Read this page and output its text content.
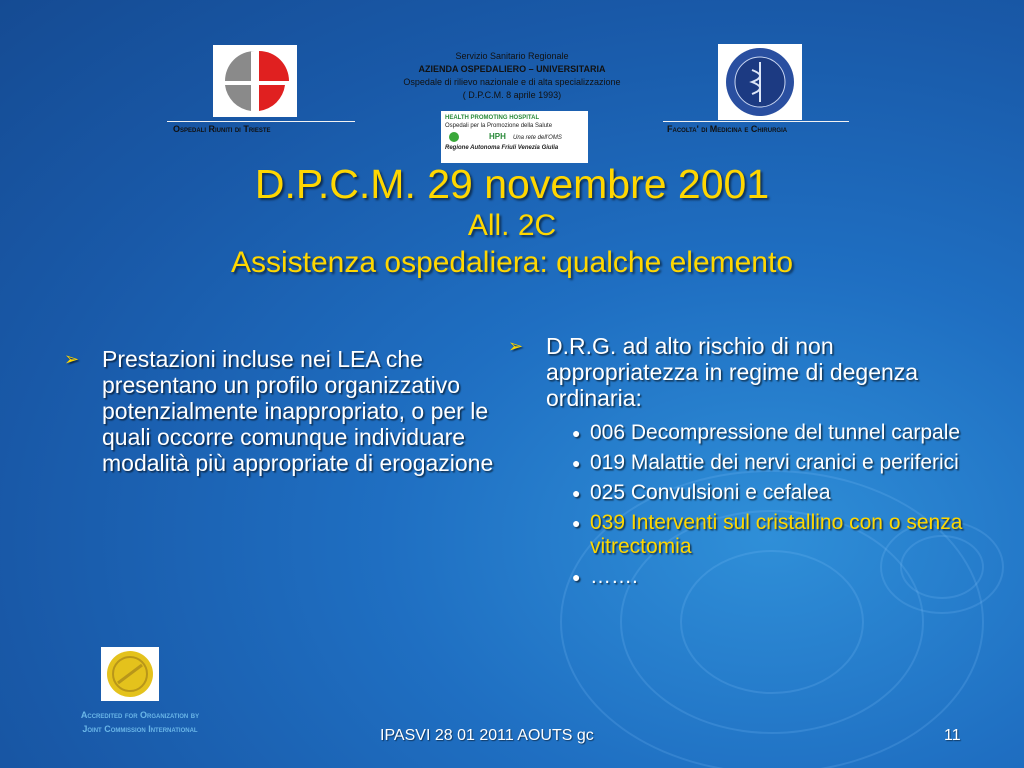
Ospedali Riuniti di Trieste
Servizio Sanitario Regionale
AZIENDA OSPEDALIERO – UNIVERSITARIA
Ospedale di rilievo nazionale e di alta specializzazione
( D.P.C.M. 8 aprile 1993)
HEALTH PROMOTING HOSPITAL
Ospedali per la Promozione della Salute
HPH Una rete dell'OMS
Regione Autonoma Friuli Venezia Giulia
Facolta' di Medicina e Chirurgia
D.P.C.M. 29 novembre 2001
All. 2C
Assistenza ospedaliera: qualche elemento
➢ Prestazioni incluse nei LEA che presentano un profilo organizzativo potenzialmente inappropriato, o per le quali occorre comunque individuare modalità più appropriate di erogazione
➢ D.R.G. ad alto rischio di non appropriatezza in regime di degenza ordinaria:
● 006 Decompressione del tunnel carpale
● 019 Malattie dei nervi cranici e periferici
● 025 Convulsioni e cefalea
● 039 Interventi sul cristallino con o senza vitrectomia
● …….
Accredited for Organization by
Joint Commission International	IPASVI 28 01 2011 AOUTS gc	11
